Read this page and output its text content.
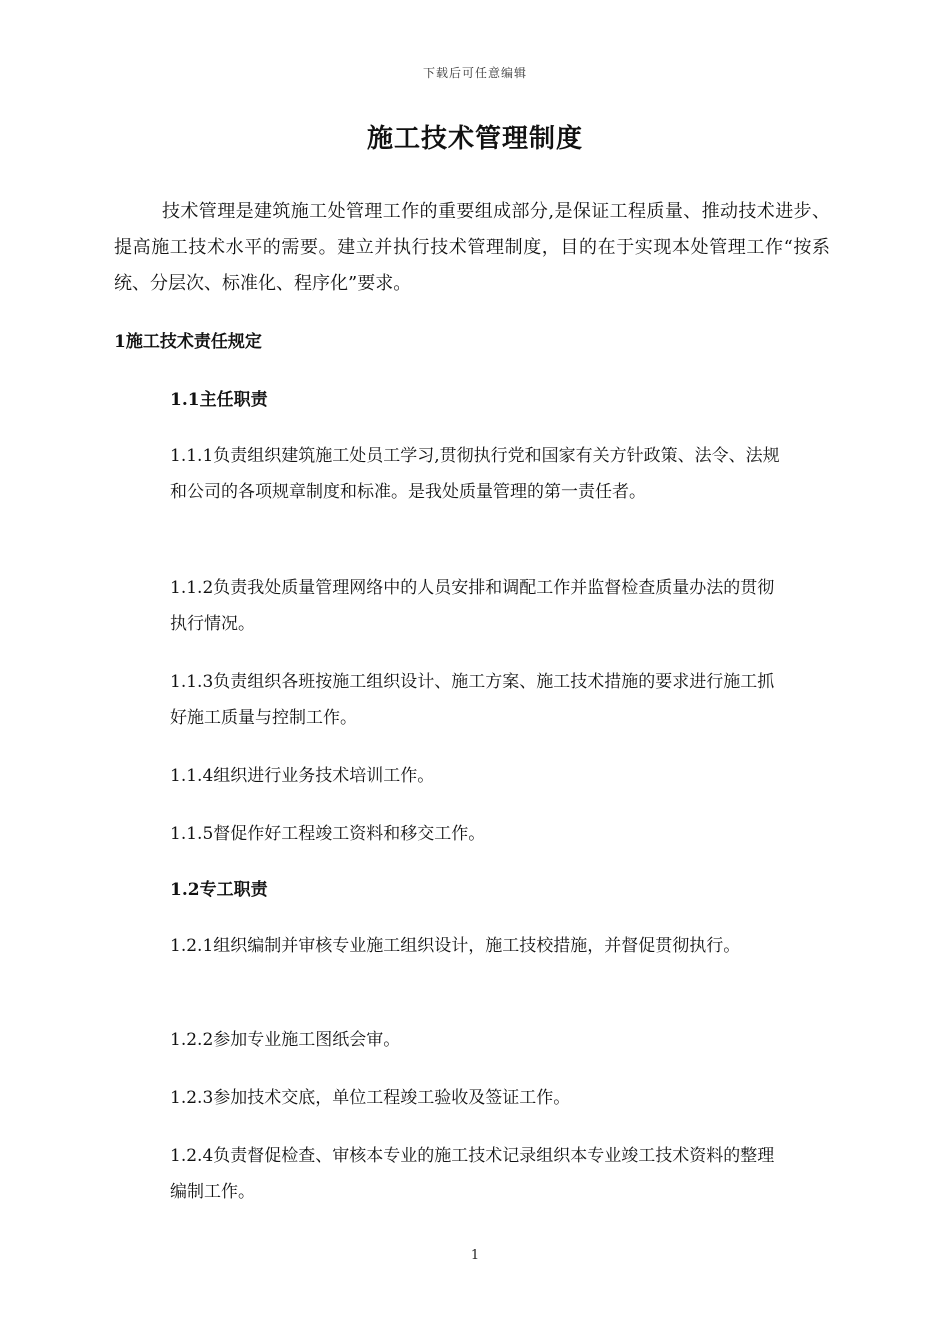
下载后可任意编辑
施工技术管理制度

技术管理是建筑施工处管理工作的重要组成部分,是保证工程质量、推动技术进步、提高施工技术水平的需要。建立并执行技术管理制度，目的在于实现本处管理工作“按系统、分层次、标准化、程序化”要求。

1施工技术责任规定
1.1主任职责

1.1.1负责组织建筑施工处员工学习,贯彻执行党和国家有关方针政策、法令、法规和公司的各项规章制度和标准。是我处质量管理的第一责任者。

1.1.2负责我处质量管理网络中的人员安排和调配工作并监督检查质量办法的贯彻执行情况。

1.1.3负责组织各班按施工组织设计、施工方案、施工技术措施的要求进行施工抓好施工质量与控制工作。

1.1.4组织进行业务技术培训工作。

1.1.5督促作好工程竣工资料和移交工作。

1.2专工职责

1.2.1组织编制并审核专业施工组织设计，施工技校措施，并督促贯彻执行。

1.2.2参加专业施工图纸会审。

1.2.3参加技术交底，单位工程竣工验收及签证工作。

1.2.4负责督促检查、审核本专业的施工技术记录组织本专业竣工技术资料的整理编制工作。

1
